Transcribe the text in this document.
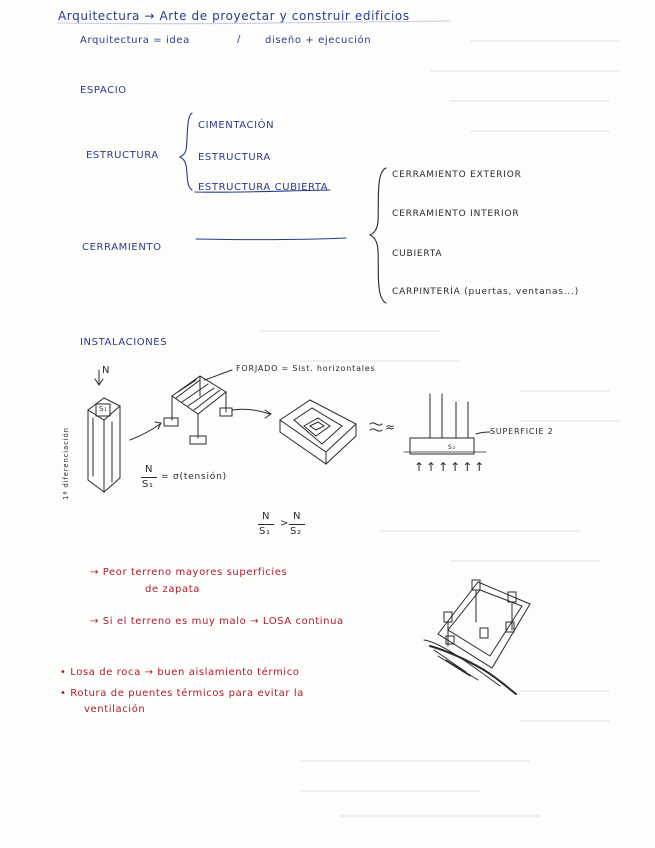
Arquitectura → Arte de proyectar y construir edificios
Arquitectura = idea	/ diseño + ejecución
ESPACIO
ESTRUCTURA
CIMENTACIÓN
ESTRUCTURA
ESTRUCTURA CUBIERTA
CERRAMIENTO
CERRAMIENTO EXTERIOR
CERRAMIENTO INTERIOR
CUBIERTA
CARPINTERÍA (puertas, ventanas...)
INSTALACIONES
N
S₁
1ª diferenciación
FORJADO = Sist. horizontales
N
S₁
= σ(tensión)
≈	SUPERFICIE 2
S₂
↑↑↑↑↑↑
N
S₁
>
N
S₂
→ Peor terreno mayores superficies
de zapata
→ Si el terreno es muy malo → LOSA continua
• Losa de roca → buen aislamiento térmico
• Rotura de puentes térmicos para evitar la
ventilación
